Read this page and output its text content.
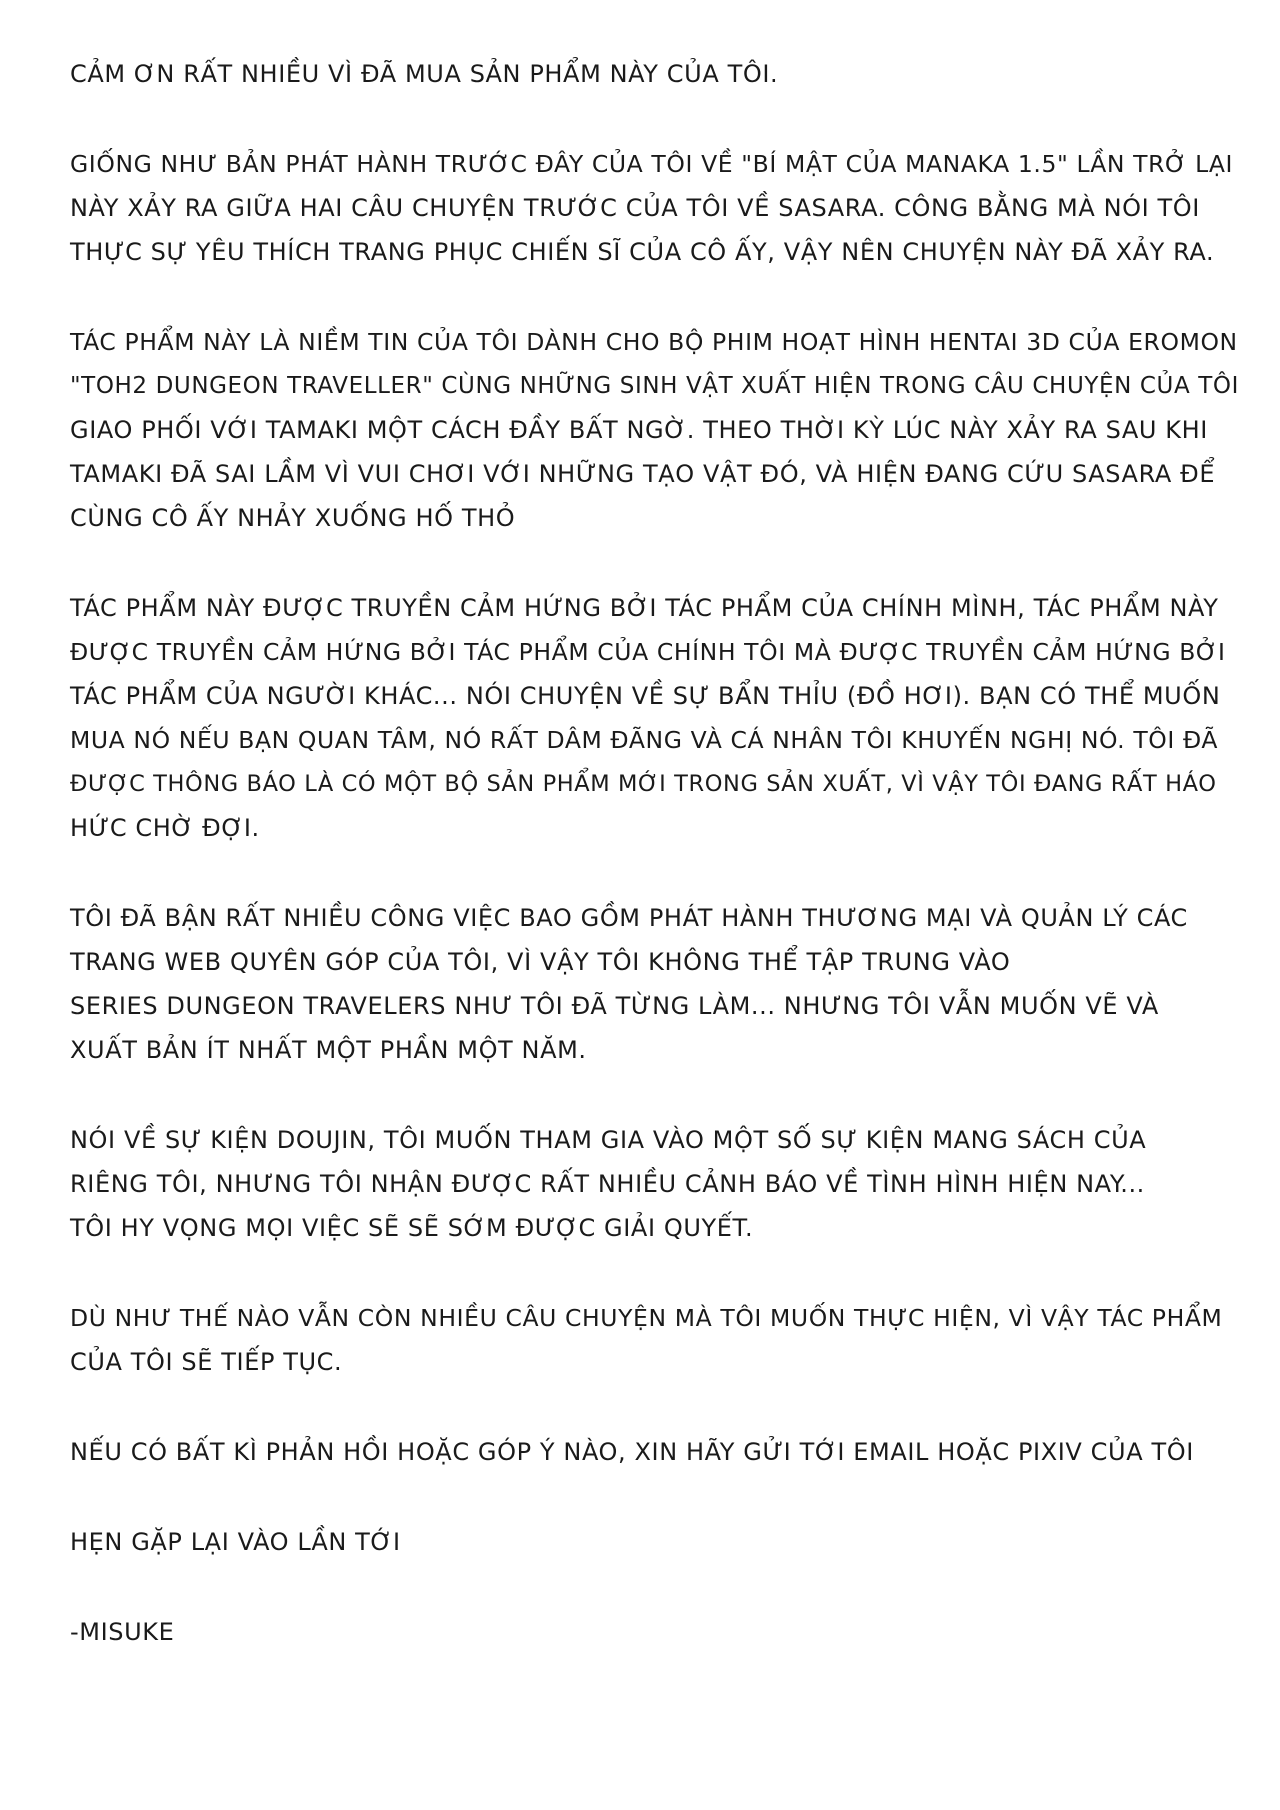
CẢM ƠN RẤT NHIỀU VÌ ĐÃ MUA SẢN PHẨM NÀY CỦA TÔI.
GIỐNG NHƯ BẢN PHÁT HÀNH TRƯỚC ĐÂY CỦA TÔI VỀ "BÍ MẬT CỦA MANAKA 1.5" LẦN TRỞ LẠI
NÀY XẢY RA GIỮA HAI CÂU CHUYỆN TRƯỚC CỦA TÔI VỀ SASARA. CÔNG BẰNG MÀ NÓI TÔI
THỰC SỰ YÊU THÍCH TRANG PHỤC CHIẾN SĨ CỦA CÔ ẤY, VẬY NÊN CHUYỆN NÀY ĐÃ XẢY RA.
TÁC PHẨM NÀY LÀ NIỀM TIN CỦA TÔI DÀNH CHO BỘ PHIM HOẠT HÌNH HENTAI 3D CỦA EROMON
"TOH2 DUNGEON TRAVELLER" CÙNG NHỮNG SINH VẬT XUẤT HIỆN TRONG CÂU CHUYỆN CỦA TÔI
GIAO PHỐI VỚI TAMAKI MỘT CÁCH ĐẦY BẤT NGỜ. THEO THỜI KỲ LÚC NÀY XẢY RA SAU KHI
TAMAKI ĐÃ SAI LẦM VÌ VUI CHƠI VỚI NHỮNG TẠO VẬT ĐÓ, VÀ HIỆN ĐANG CỨU SASARA ĐỂ
CÙNG CÔ ẤY NHẢY XUỐNG HỐ THỎ
TÁC PHẨM NÀY ĐƯỢC TRUYỀN CẢM HỨNG BỞI TÁC PHẨM CỦA CHÍNH MÌNH, TÁC PHẨM NÀY
ĐƯỢC TRUYỀN CẢM HỨNG BỞI TÁC PHẨM CỦA CHÍNH TÔI MÀ ĐƯỢC TRUYỀN CẢM HỨNG BỞI
TÁC PHẨM CỦA NGƯỜI KHÁC... NÓI CHUYỆN VỀ SỰ BẨN THỈU (ĐỒ HƠI). BẠN CÓ THỂ MUỐN
MUA NÓ NẾU BẠN QUAN TÂM, NÓ RẤT DÂM ĐÃNG VÀ CÁ NHÂN TÔI KHUYẾN NGHỊ NÓ. TÔI ĐÃ
ĐƯỢC THÔNG BÁO LÀ CÓ MỘT BỘ SẢN PHẨM MỚI TRONG SẢN XUẤT, VÌ VẬY TÔI ĐANG RẤT HÁO
HỨC CHỜ ĐỢI.
TÔI ĐÃ BẬN RẤT NHIỀU CÔNG VIỆC BAO GỒM PHÁT HÀNH THƯƠNG MẠI VÀ QUẢN LÝ CÁC
TRANG WEB QUYÊN GÓP CỦA TÔI, VÌ VẬY TÔI KHÔNG THỂ TẬP TRUNG VÀO
SERIES DUNGEON TRAVELERS NHƯ TÔI ĐÃ TỪNG LÀM... NHƯNG TÔI VẪN MUỐN VẼ VÀ
XUẤT BẢN ÍT NHẤT MỘT PHẦN MỘT NĂM.
NÓI VỀ SỰ KIỆN DOUJIN, TÔI MUỐN THAM GIA VÀO MỘT SỐ SỰ KIỆN MANG SÁCH CỦA
RIÊNG TÔI, NHƯNG TÔI NHẬN ĐƯỢC RẤT NHIỀU CẢNH BÁO VỀ TÌNH HÌNH HIỆN NAY...
TÔI HY VỌNG MỌI VIỆC SẼ SẼ SỚM ĐƯỢC GIẢI QUYẾT.
DÙ NHƯ THẾ NÀO VẪN CÒN NHIỀU CÂU CHUYỆN MÀ TÔI MUỐN THỰC HIỆN, VÌ VẬY TÁC PHẨM
CỦA TÔI SẼ TIẾP TỤC.
NẾU CÓ BẤT KÌ PHẢN HỒI HOẶC GÓP Ý NÀO, XIN HÃY GỬI TỚI EMAIL HOẶC PIXIV CỦA TÔI
HẸN GẶP LẠI VÀO LẦN TỚI
-MISUKE
